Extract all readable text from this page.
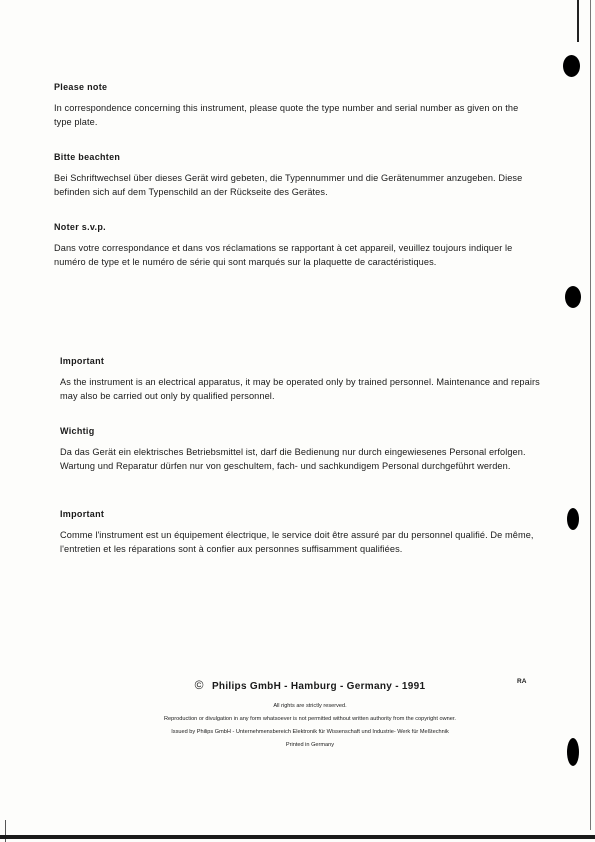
Please note

In correspondence concerning this instrument, please quote the type number and serial number as given on the type plate.

Bitte beachten

Bei Schriftwechsel über dieses Gerät wird gebeten, die Typennummer und die Gerätenummer anzugeben. Diese befinden sich auf dem Typenschild an der Rückseite des Gerätes.

Noter s.v.p.

Dans votre correspondance et dans vos réclamations se rapportant à cet appareil, veuillez toujours indiquer le numéro de type et le numéro de série qui sont marqués sur la plaquette de caractéristiques.

Important

As the instrument is an electrical apparatus, it may be operated only by trained personnel. Maintenance and repairs may also be carried out only by qualified personnel.

Wichtig

Da das Gerät ein elektrisches Betriebsmittel ist, darf die Bedienung nur durch eingewiesenes Personal erfolgen. Wartung und Reparatur dürfen nur von geschultem, fach- und sachkundigem Personal durchgeführt werden.

Important

Comme l'instrument est un équipement électrique, le service doit être assuré par du personnel qualifié. De même, l'entretien et les réparations sont à confier aux personnes suffisamment qualifiées.

© Philips GmbH - Hamburg - Germany - 1991	RA
All rights are strictly reserved.
Reproduction or divulgation in any form whatsoever is not permitted without written authority from the copyright owner.
Issued by Philips GmbH - Unternehmensbereich Elektronik für Wissenschaft und Industrie- Werk für Meßtechnik
Printed in Germany
